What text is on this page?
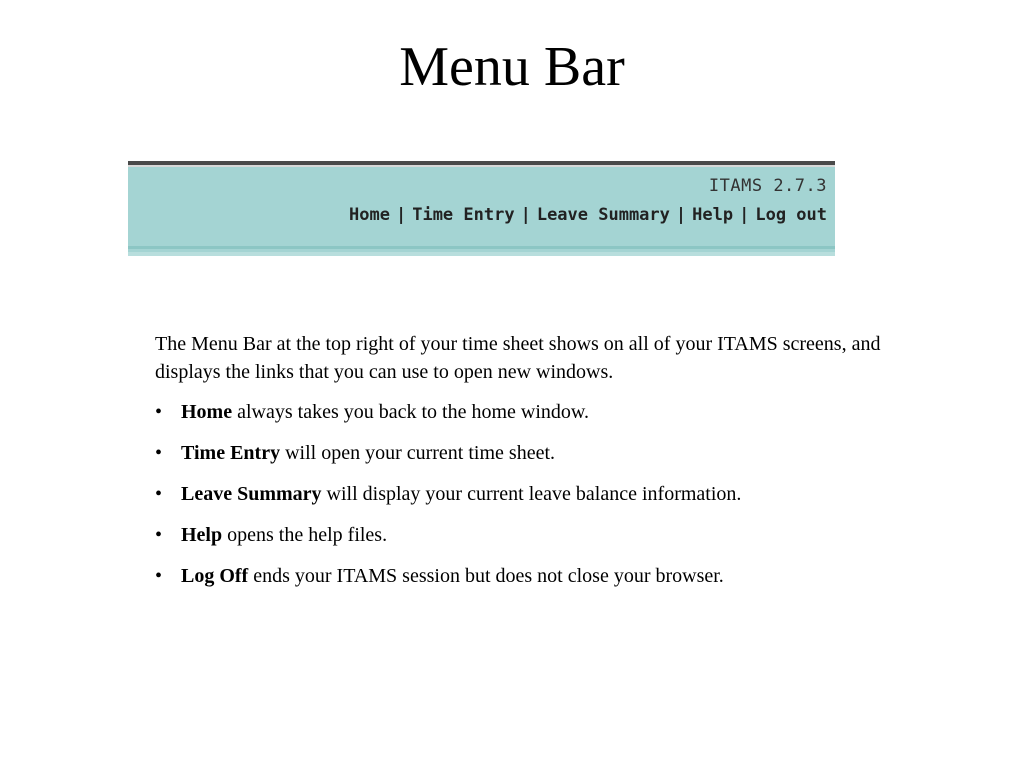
Menu Bar
ITAMS 2.7.3
Home | Time Entry | Leave Summary | Help | Log out

The Menu Bar at the top right of your time sheet shows on all of your ITAMS screens, and displays the links that you can use to open new windows.

• Home always takes you back to the home window.
• Time Entry will open your current time sheet.
• Leave Summary will display your current leave balance information.
• Help opens the help files.
• Log Off ends your ITAMS session but does not close your browser.
